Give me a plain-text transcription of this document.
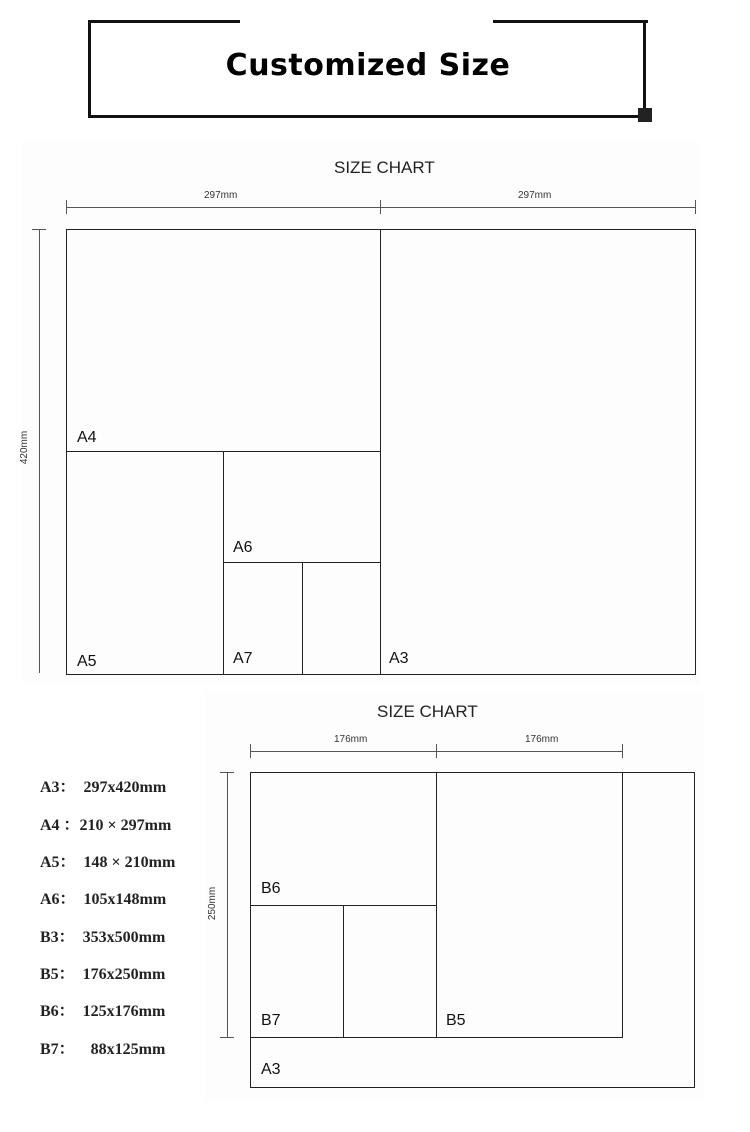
Customized Size
SIZE CHART
297mm	297mm
420mm	A4
A6
A5	A7	A3
SIZE CHART
176mm	176mm
250mm	B6
B7	B5
A3
A3：  297x420mm
A4 ：210 × 297mm
A5：  148 × 210mm
A6：  105x148mm
B3：  353x500mm
B5：  176x250mm
B6：  125x176mm
B7：    88x125mm
